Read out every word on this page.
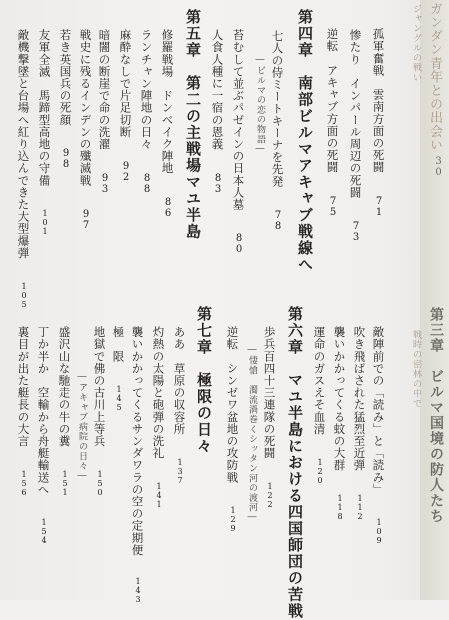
ガンダン青年との出会い
ジャングルの戦い
30
孤軍奮戦　雲南方面の死闘 71
惨たり　インパール周辺の死闘 73
逆転　アキャブ方面の死闘 75
第四章　南部ビルマアキャブ戦線へ
七人の侍ミートキーナを先発 78
―ビルマの恋の物語―
苔むして並ぶパゼインの日本人墓 80
人食人種に一宿の恩義 83
第五章　第二の主戦場マユ半島
修羅戦場　ドンベイク陣地 86
ランチャン陣地の日々 88
麻酔なしで片足切断 92
暗闇の断崖で命の洗濯 93
戦史に残るインデンの殲滅戦 97
若き英国兵の死顔 98
友軍全滅　馬蹄型高地の守備 101
敵機撃墜と台場へ紅り込んできた大型爆弾 105
第三章　ビルマ国境の防人たち
戦時の密林の中で
敵陣前での「読み」と「読み」 109
吹き飛ばされた猛烈至近弾 112
襲いかかってくる蚊の大群 118
運命のガスえそ血清 120
第六章　マユ半島における四国師団の苦戦
歩兵百四十三連隊の死闘 122
―悽愴　濁流渦巻くシッタン河の渡河―
逆転　シンゼワ盆地の攻防戦 129
第七章　極限の日々
ああ　草原の収容所 137
灼熱の太陽と砲弾の洗礼 141
襲いかかってくるサンダワラの空の定期便 143
極　限 145
地獄で佛の古川上等兵 150
―アキャブ病院の日々―
盛沢山な馳走の牛の糞 151
丁か半か　空輸から舟艇輸送へ 154
裏目が出た艇長の大言 156
